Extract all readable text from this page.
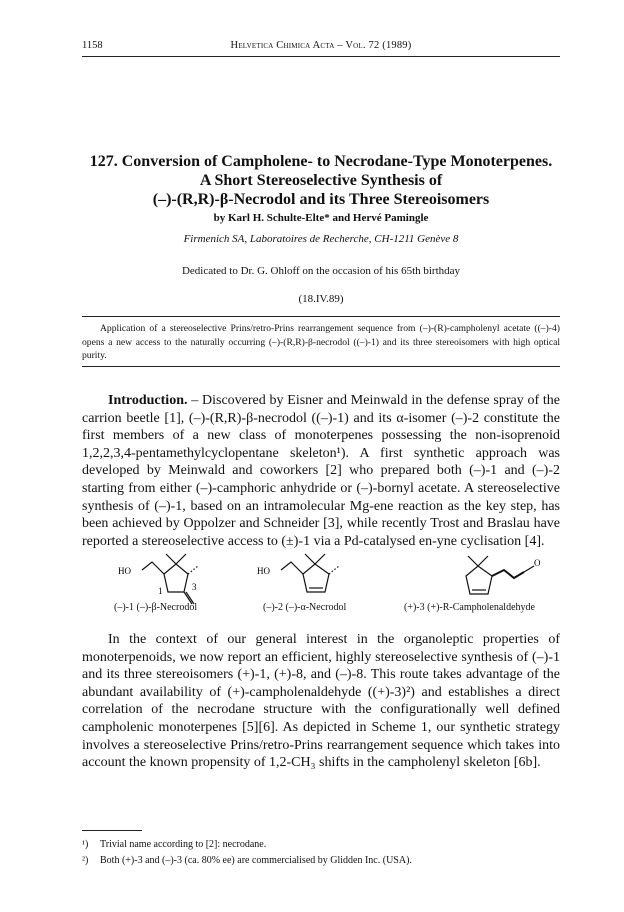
1158	Helvetica Chimica Acta – Vol. 72 (1989)
127. Conversion of Campholene- to Necrodane-Type Monoterpenes.
A Short Stereoselective Synthesis of
(–)-(R,R)-β-Necrodol and its Three Stereoisomers
by Karl H. Schulte-Elte* and Hervé Pamingle
Firmenich SA, Laboratoires de Recherche, CH-1211 Genève 8
Dedicated to Dr. G. Ohloff on the occasion of his 65th birthday
(18.IV.89)
Application of a stereoselective Prins/retro-Prins rearrangement sequence from (–)-(R)-campholenyl acetate ((–)-4) opens a new access to the naturally occurring (–)-(R,R)-β-necrodol ((–)-1) and its three stereoisomers with high optical purity.
Introduction. – Discovered by Eisner and Meinwald in the defense spray of the carrion beetle [1], (–)-(R,R)-β-necrodol ((–)-1) and its α-isomer (–)-2 constitute the first members of a new class of monoterpenes possessing the non-isoprenoid 1,2,2,3,4-pentamethylcyclopentane skeleton¹). A first synthetic approach was developed by Meinwald and coworkers [2] who prepared both (–)-1 and (–)-2 starting from either (–)-camphoric anhydride or (–)-bornyl acetate. A stereoselective synthesis of (–)-1, based on an intramolecular Mg-ene reaction as the key step, has been achieved by Oppolzer and Schneider [3], while recently Trost and Braslau have reported a stereoselective access to (±)-1 via a Pd-catalysed en-yne cyclisation [4].
HO
1	3
HO
O
(–)-1 (–)-β-Necrodol	(–)-2 (–)-α-Necrodol	(+)-3 (+)-R-Campholenaldehyde
In the context of our general interest in the organoleptic properties of monoterpenoids, we now report an efficient, highly stereoselective synthesis of (–)-1 and its three stereoisomers (+)-1, (+)-8, and (–)-8. This route takes advantage of the abundant availability of (+)-campholenaldehyde ((+)-3)²) and establishes a direct correlation of the necrodane structure with the configurationally well defined campholenic monoterpenes [5][6]. As depicted in Scheme 1, our synthetic strategy involves a stereoselective Prins/retro-Prins rearrangement sequence which takes into account the known propensity of 1,2-CH₃ shifts in the campholenyl skeleton [6b].
¹) Trivial name according to [2]: necrodane.
²) Both (+)-3 and (–)-3 (ca. 80% ee) are commercialised by Glidden Inc. (USA).
